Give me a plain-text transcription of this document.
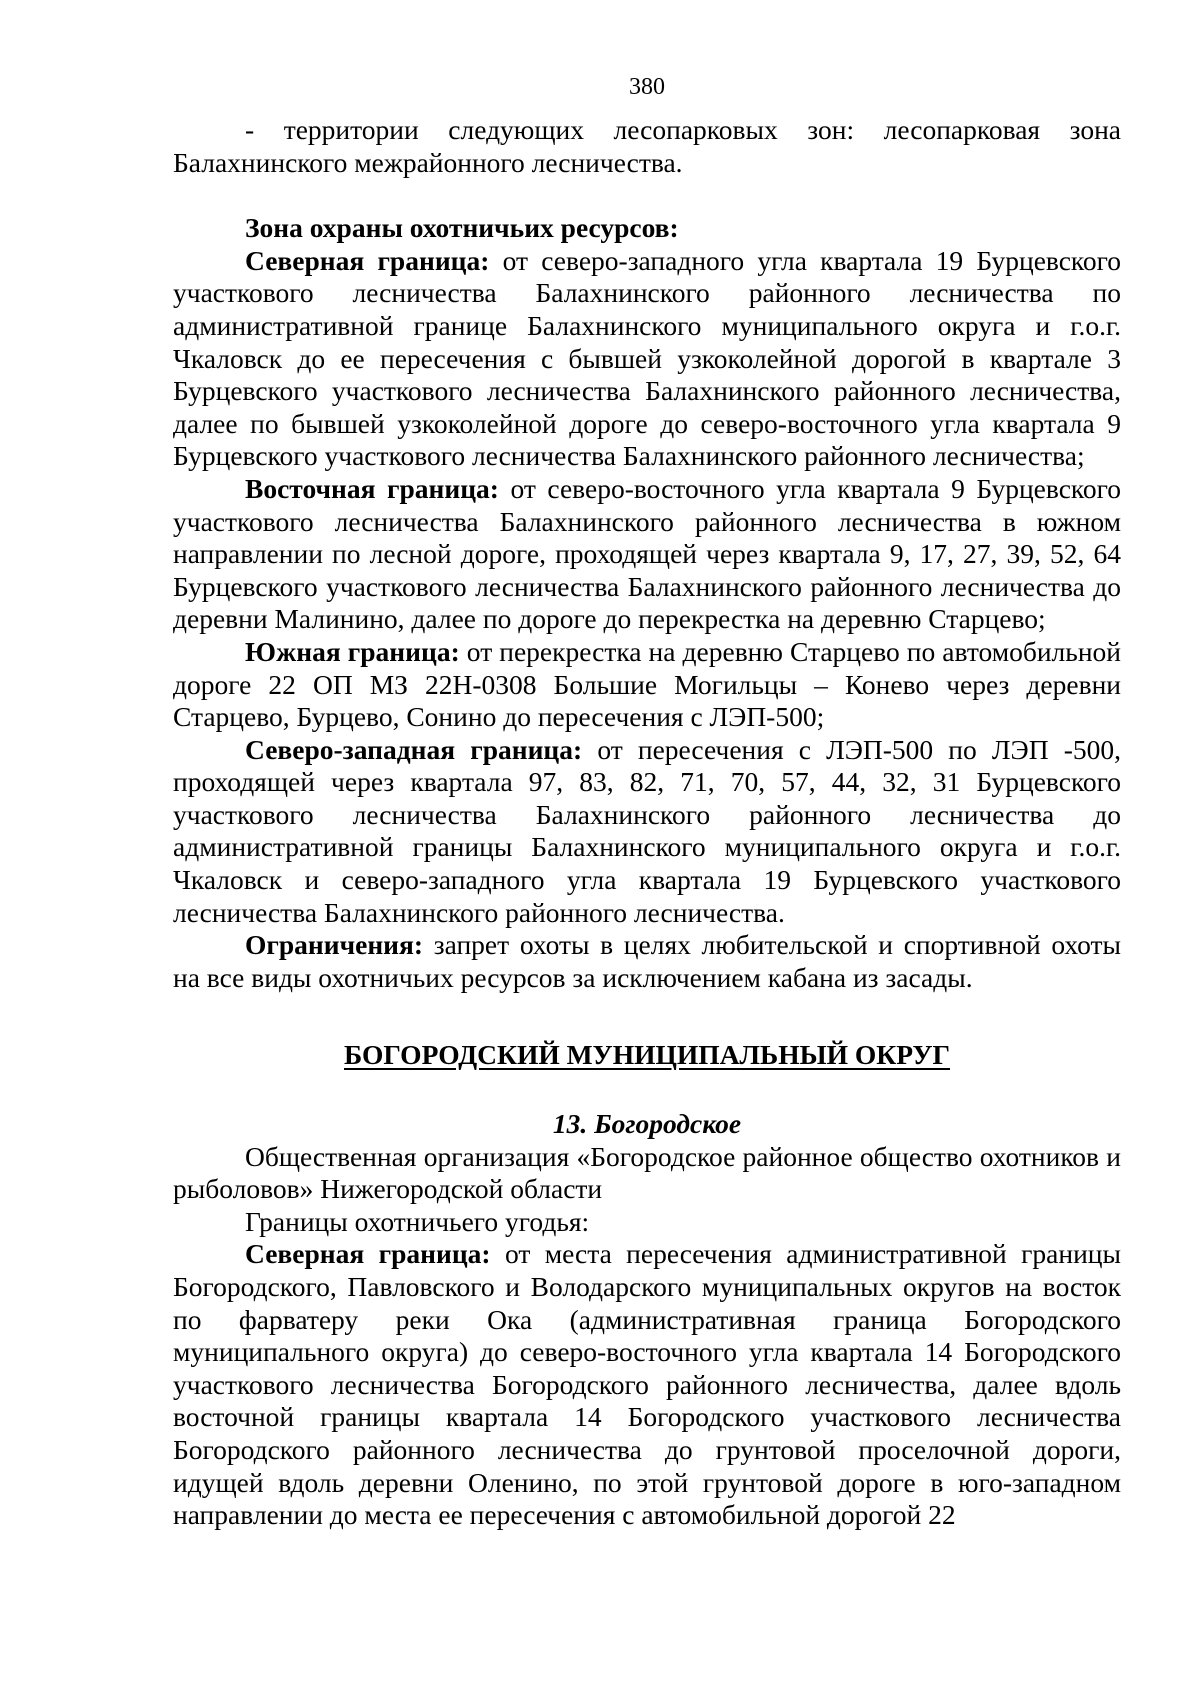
380

- территории следующих лесопарковых зон: лесопарковая зона Балахнинского межрайонного лесничества.

Зона охраны охотничьих ресурсов:

Северная граница: от северо-западного угла квартала 19 Бурцевского участкового лесничества Балахнинского районного лесничества по административной границе Балахнинского муниципального округа и г.о.г. Чкаловск до ее пересечения с бывшей узкоколейной дорогой в квартале 3 Бурцевского участкового лесничества Балахнинского районного лесничества, далее по бывшей узкоколейной дороге до северо-восточного угла квартала 9 Бурцевского участкового лесничества Балахнинского районного лесничества;

Восточная граница: от северо-восточного угла квартала 9 Бурцевского участкового лесничества Балахнинского районного лесничества в южном направлении по лесной дороге, проходящей через квартала 9, 17, 27, 39, 52, 64 Бурцевского участкового лесничества Балахнинского районного лесничества до деревни Малинино, далее по дороге до перекрестка на деревню Старцево;

Южная граница: от перекрестка на деревню Старцево по автомобильной дороге 22 ОП МЗ 22Н-0308 Большие Могильцы – Конево через деревни Старцево, Бурцево, Сонино до пересечения с ЛЭП-500;

Северо-западная граница: от пересечения с ЛЭП-500 по ЛЭП -500, проходящей через квартала 97, 83, 82, 71, 70, 57, 44, 32, 31 Бурцевского участкового лесничества Балахнинского районного лесничества до административной границы Балахнинского муниципального округа и г.о.г. Чкаловск и северо-западного угла квартала 19 Бурцевского участкового лесничества Балахнинского районного лесничества.

Ограничения: запрет охоты в целях любительской и спортивной охоты на все виды охотничьих ресурсов за исключением кабана из засады.

БОГОРОДСКИЙ МУНИЦИПАЛЬНЫЙ ОКРУГ

13. Богородское

Общественная организация «Богородское районное общество охотников и рыболовов» Нижегородской области

Границы охотничьего угодья:

Северная граница: от места пересечения административной границы Богородского, Павловского и Володарского муниципальных округов на восток по фарватеру реки Ока (административная граница Богородского муниципального округа) до северо-восточного угла квартала 14 Богородского участкового лесничества Богородского районного лесничества, далее вдоль восточной границы квартала 14 Богородского участкового лесничества Богородского районного лесничества до грунтовой проселочной дороги, идущей вдоль деревни Оленино, по этой грунтовой дороге в юго-западном направлении до места ее пересечения с автомобильной дорогой 22
